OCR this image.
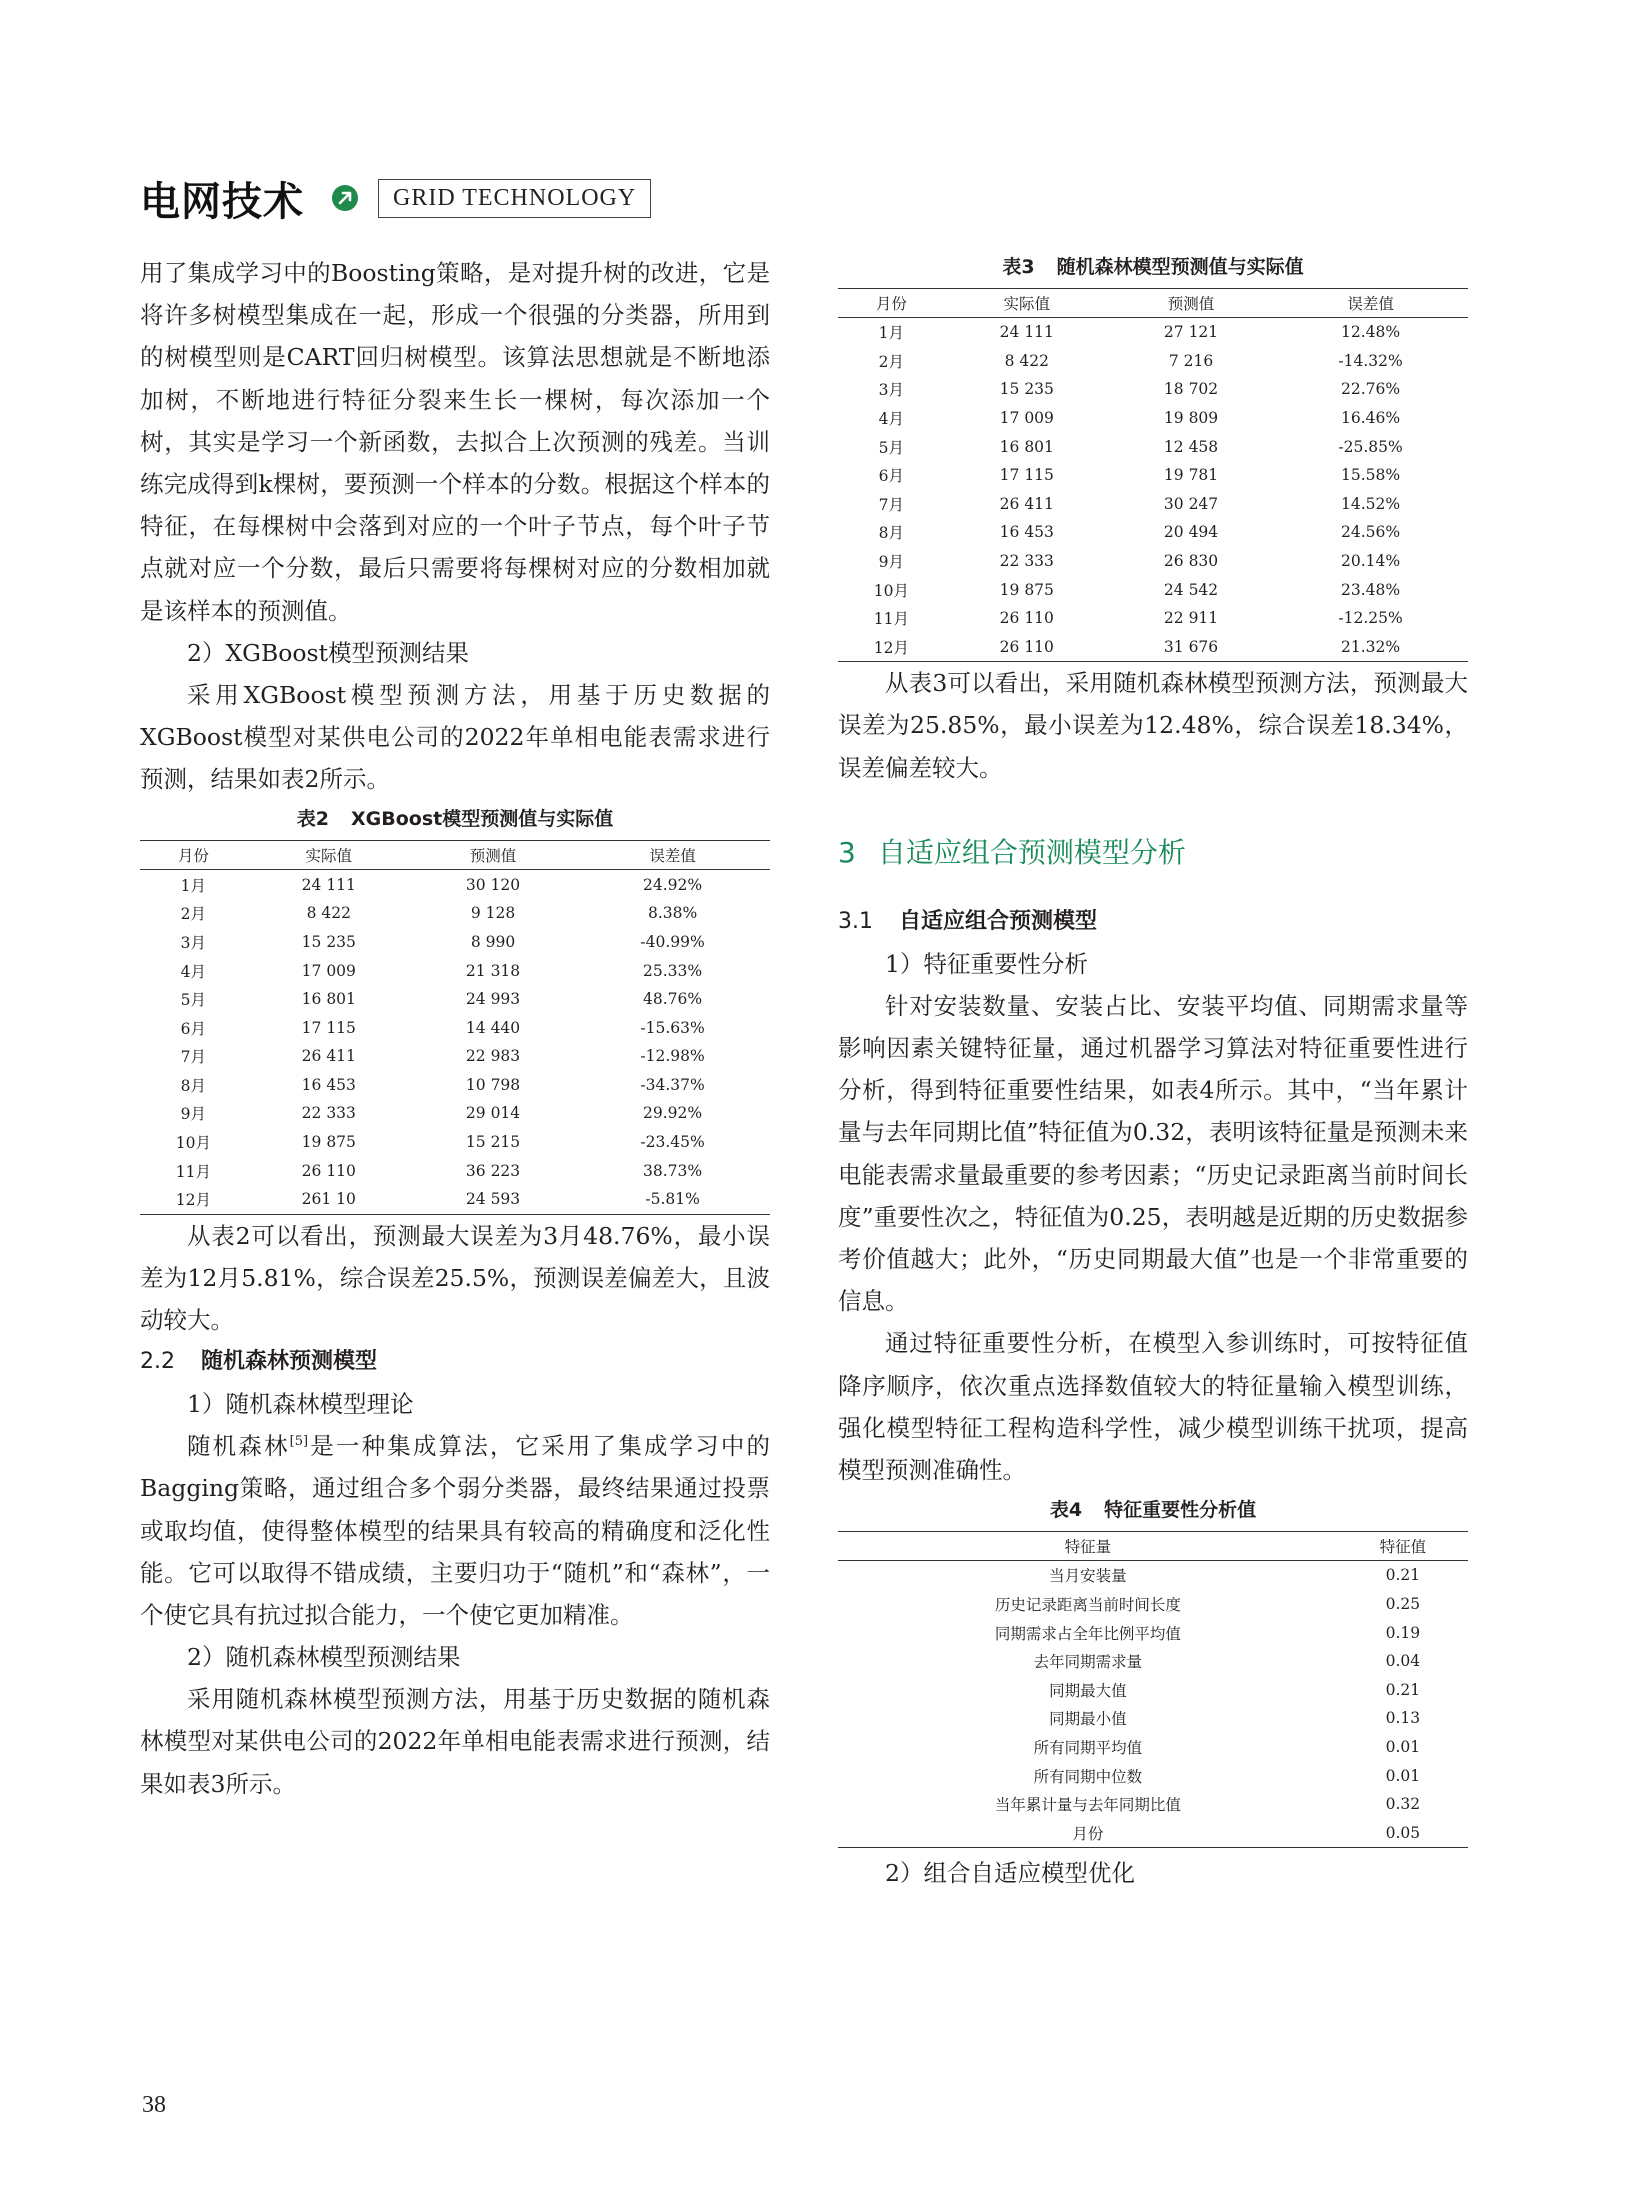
电网技术	GRID TECHNOLOGY

用了集成学习中的Boosting策略，是对提升树的改进，它是将许多树模型集成在一起，形成一个很强的分类器，所用到的树模型则是CART回归树模型。该算法思想就是不断地添加树，不断地进行特征分裂来生长一棵树，每次添加一个树，其实是学习一个新函数，去拟合上次预测的残差。当训练完成得到k棵树，要预测一个样本的分数。根据这个样本的特征，在每棵树中会落到对应的一个叶子节点，每个叶子节点就对应一个分数，最后只需要将每棵树对应的分数相加就是该样本的预测值。

2）XGBoost模型预测结果

采用XGBoost模型预测方法，用基于历史数据的XGBoost模型对某供电公司的2022年单相电能表需求进行预测，结果如表2所示。

表2 XGBoost模型预测值与实际值
月份	实际值	预测值	误差值
1月	24 111	30 120	24.92%
2月	8 422	9 128	8.38%
3月	15 235	8 990	-40.99%
4月	17 009	21 318	25.33%
5月	16 801	24 993	48.76%
6月	17 115	14 440	-15.63%
7月	26 411	22 983	-12.98%
8月	16 453	10 798	-34.37%
9月	22 333	29 014	29.92%
10月	19 875	15 215	-23.45%
11月	26 110	36 223	38.73%
12月	261 10	24 593	-5.81%

从表2可以看出，预测最大误差为3月48.76%，最小误差为12月5.81%，综合误差25.5%，预测误差偏差大，且波动较大。

2.2 随机森林预测模型

1）随机森林模型理论

随机森林[5]是一种集成算法，它采用了集成学习中的Bagging策略，通过组合多个弱分类器，最终结果通过投票或取均值，使得整体模型的结果具有较高的精确度和泛化性能。它可以取得不错成绩，主要归功于“随机”和“森林”，一个使它具有抗过拟合能力，一个使它更加精准。

2）随机森林模型预测结果

采用随机森林模型预测方法，用基于历史数据的随机森林模型对某供电公司的2022年单相电能表需求进行预测，结果如表3所示。

表3 随机森林模型预测值与实际值
月份	实际值	预测值	误差值
1月	24 111	27 121	12.48%
2月	8 422	7 216	-14.32%
3月	15 235	18 702	22.76%
4月	17 009	19 809	16.46%
5月	16 801	12 458	-25.85%
6月	17 115	19 781	15.58%
7月	26 411	30 247	14.52%
8月	16 453	20 494	24.56%
9月	22 333	26 830	20.14%
10月	19 875	24 542	23.48%
11月	26 110	22 911	-12.25%
12月	26 110	31 676	21.32%

从表3可以看出，采用随机森林模型预测方法，预测最大误差为25.85%，最小误差为12.48%，综合误差18.34%，误差偏差较大。

3 自适应组合预测模型分析

3.1 自适应组合预测模型

1）特征重要性分析

针对安装数量、安装占比、安装平均值、同期需求量等影响因素关键特征量，通过机器学习算法对特征重要性进行分析，得到特征重要性结果，如表4所示。其中，“当年累计量与去年同期比值”特征值为0.32，表明该特征量是预测未来电能表需求量最重要的参考因素；“历史记录距离当前时间长度”重要性次之，特征值为0.25，表明越是近期的历史数据参考价值越大；此外，“历史同期最大值”也是一个非常重要的信息。

通过特征重要性分析，在模型入参训练时，可按特征值降序顺序，依次重点选择数值较大的特征量输入模型训练，强化模型特征工程构造科学性，减少模型训练干扰项，提高模型预测准确性。

表4 特征重要性分析值
特征量	特征值
当月安装量	0.21
历史记录距离当前时间长度	0.25
同期需求占全年比例平均值	0.19
去年同期需求量	0.04
同期最大值	0.21
同期最小值	0.13
所有同期平均值	0.01
所有同期中位数	0.01
当年累计量与去年同期比值	0.32
月份	0.05

2）组合自适应模型优化

38
